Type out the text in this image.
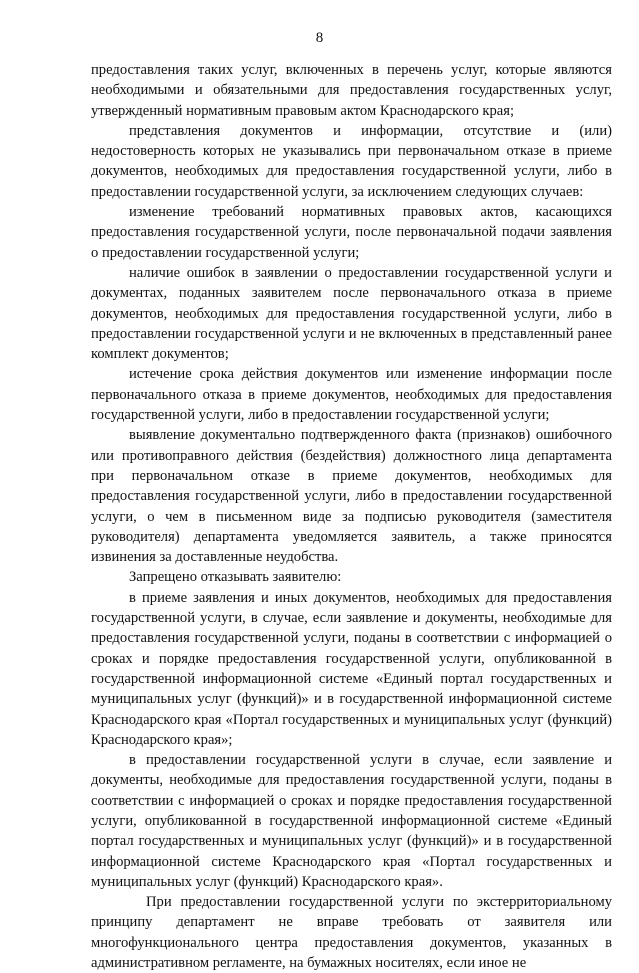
8

предоставления таких услуг, включенных в перечень услуг, которые являются необходимыми и обязательными для предоставления государственных услуг, утвержденный нормативным правовым актом Краснодарского края;

представления документов и информации, отсутствие и (или) недостоверность которых не указывались при первоначальном отказе в приеме документов, необходимых для предоставления государственной услуги, либо в предоставлении государственной услуги, за исключением следующих случаев:

изменение требований нормативных правовых актов, касающихся предоставления государственной услуги, после первоначальной подачи заявления о предоставлении государственной услуги;

наличие ошибок в заявлении о предоставлении государственной услуги и документах, поданных заявителем после первоначального отказа в приеме документов, необходимых для предоставления государственной услуги, либо в предоставлении государственной услуги и не включенных в представленный ранее комплект документов;

истечение срока действия документов или изменение информации после первоначального отказа в приеме документов, необходимых для предоставления государственной услуги, либо в предоставлении государственной услуги;

выявление документально подтвержденного факта (признаков) ошибочного или противоправного действия (бездействия) должностного лица департамента при первоначальном отказе в приеме документов, необходимых для предоставления государственной услуги, либо в предоставлении государственной услуги, о чем в письменном виде за подписью руководителя (заместителя руководителя) департамента уведомляется заявитель, а также приносятся извинения за доставленные неудобства.

Запрещено отказывать заявителю:

в приеме заявления и иных документов, необходимых для предоставления государственной услуги, в случае, если заявление и документы, необходимые для предоставления государственной услуги, поданы в соответствии с информацией о сроках и порядке предоставления государственной услуги, опубликованной в государственной информационной системе «Единый портал государственных и муниципальных услуг (функций)» и в государственной информационной системе Краснодарского края «Портал государственных и муниципальных услуг (функций) Краснодарского края»;

в предоставлении государственной услуги в случае, если заявление и документы, необходимые для предоставления государственной услуги, поданы в соответствии с информацией о сроках и порядке предоставления государственной услуги, опубликованной в государственной информационной системе «Единый портал государственных и муниципальных услуг (функций)» и в государственной информационной системе Краснодарского края «Портал государственных и муниципальных услуг (функций) Краснодарского края».

При предоставлении государственной услуги по экстерриториальному принципу департамент не вправе требовать от заявителя или многофункционального центра предоставления документов, указанных в административном регламенте, на бумажных носителях, если иное не
